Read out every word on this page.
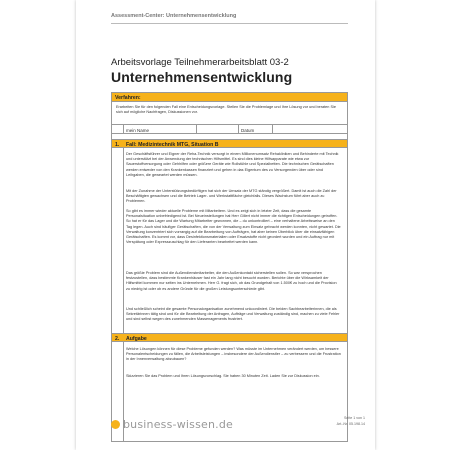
Assessment-Center: Unternehmensentwicklung
Arbeitsvorlage Teilnehmerarbeitsblatt 03-2
Unternehmensentwicklung
Verfahren:
Erarbeiten Sie für den folgenden Fall eine Entscheidungsvorlage. Stellen Sie die Problemlage und Ihre Lösung vor und beraten Sie sich auf mögliche Nachfragen, Diskussionen vor.
mein Name	Datum
1. Fall: Medizintechnik MTG, Situation B
Der Geschäftsführer und Eigner der Reha-Technik versorgt in einem Millionenumsatz Rehakliniken und Behinderte mit Technik und unterstützt bei der Anwendung der technischen Hilfsmittel. Es sind dies kleine Hilfsapparate wie etwa zur Sauerstoffversorgung oder Gehhilfen oder größere Geräte wie Rollstühle und Spezialbetten. Die technischen Gerätschaften werden entweder von den Krankenkassen finanziert und gehen in das Eigentum des zu Versorgenden über oder sind Leihgaben, die geweartet werden müssen.
Mit der Zunahme der Unterstützungsbedürftigen hat sich der Umsatz der MTG ständig vergrößert. Damit ist auch die Zahl der Beschäftigten gewachsen und die Betrieb Lager- und Werkstattfläche gleichfalls. Dieses Wachstum führt aber auch zu Problemen.
So gibt es immer wieder aktuelle Probleme mit Mitarbeitern. Und es zeigt sich in letzter Zeit, dass die gesamte Personalsituation unbefriedigend ist. Bei Neueinstellungen hat Herr Gillert nicht immer die richtigen Entscheidungen getroffen. So hat er für das Lager und die Wartung Mitarbeiter gewonnen, die – du unkontrolliert – eine verhaltene Arbeitsweise an den Tag legen. Auch sind häufiger Gerätschaften, die von der Verwaltung zum Einsatz gebracht werden konnten, nicht gewartet. Die Verwaltung konzentriert sich vorrangig auf die Bearbeitung von Aufträgen, hat aber keinen Überblick über die einsatzfähigen Gerätschaften. Es kommt vor, dass Desinfektionsmaterialien oder Ersatzstoffe nicht geordert wurden und ein Auftrag nur mit Verspätung oder Expresszuschlag für den Lieferanten bearbeitet werden kann.
Das größte Problem sind die Außendienstmitarbeiter, die den Außenkontakt sicherstellen sollen. So war versprochen festzustellen, dass bestimmte Krankenhäuser fast ein Jahr lang nicht besucht wurden. Berichte über die Wirksamkeit der Hilfsmittel kommen nur selten ins Unternehmen. Herr G. fragt sich, ob das Grundgehalt von 1.500€ zu hoch und die Provision zu niedrig ist oder ob es andere Gründe für die großen Leistungsunterschiede gibt.
Und schließlich scheint die gesamte Personalorganisation zunehmend unkoordiniert. Die beiden Sachbearbeiterinnen, die als Sekretärinnen tätig sind und für die Bearbeitung der Anfragen, Aufträge und Verwaltung zuständig sind, machen zu viele Fehler und sind selbst wegen des zunehmenden Massenagements frustriert.
2. Aufgabe
Welche Lösungen können für diese Probleme gefunden werden? Was müsste im Unternehmen verändert werden, um bessere Personalentscheidungen zu fällen, die Arbeitsleistungen – insbesondere der Außendienstler – zu verbessern und die Frustration in der Innenverwaltung abzubauen?
Skizzieren Sie das Problem und Ihren Lösungsvorschlag. Sie haben 30 Minuten Zeit. Laden Sie zur Diskussion ein.
business-wissen.de	Seite 1 von 1
Art.-Nr. 05.198.14
